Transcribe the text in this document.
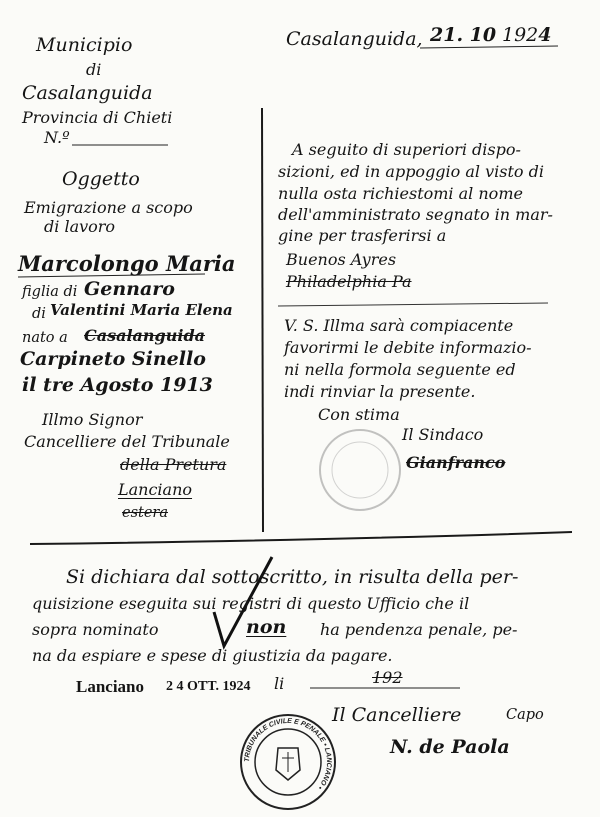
Municipio
di
Casalanguida
Provincia di Chieti
N.º
Casalanguida, 21. 10 1924
Oggetto
Emigrazione a scopo
di lavoro
Marcolongo Maria
figlia di Gennaro
di Valentini Maria Elena
nato a Casalanguida
Carpineto Sinello
il tre Agosto 1913
Illmo Signor
Cancelliere del Tribunale
della Pretura
Lanciano
estera
A seguito di superiori dispo-
sizioni, ed in appoggio al visto di
nulla osta richiestomi al nome
dell'amministrato segnato in mar-
gine per trasferirsi a
Buenos Ayres
Philadelphia Pa
V. S. Illma sarà compiacente
favorirmi le debite informazio-
ni nella formola seguente ed
indi rinviar la presente.
Con stima
Il Sindaco
Gianfranco
Si dichiara dal sottoscritto, in risulta della per-
quisizione eseguita sui registri di questo Ufficio che il
sopra nominato	non ha pendenza penale, pe-
na da espiare e spese di giustizia da pagare.
Lanciano 2 4 OTT. 1924 li	192
Il Cancelliere	Capo
N. de Paola
TRIBUNALE CIVILE E PENALE • LANCIANO •
